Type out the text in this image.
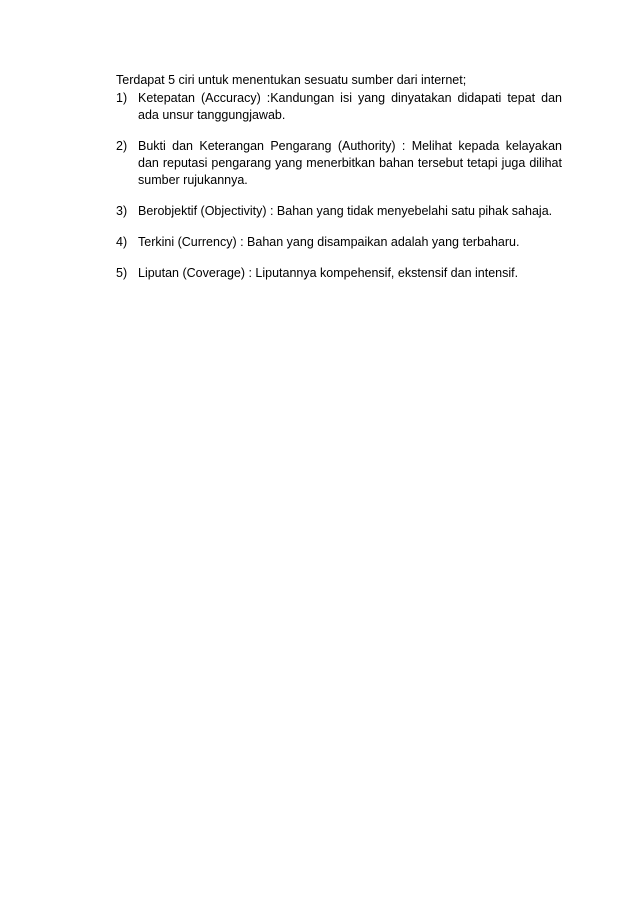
Terdapat 5 ciri untuk menentukan sesuatu sumber dari internet;
1) Ketepatan (Accuracy) :Kandungan isi yang dinyatakan didapati tepat dan ada unsur tanggungjawab.
2) Bukti dan Keterangan Pengarang (Authority) : Melihat kepada kelayakan dan reputasi pengarang yang menerbitkan bahan tersebut tetapi juga dilihat sumber rujukannya.
3) Berobjektif (Objectivity) : Bahan yang tidak menyebelahi satu pihak sahaja.
4) Terkini (Currency) : Bahan yang disampaikan adalah yang terbaharu.
5) Liputan (Coverage) : Liputannya kompehensif, ekstensif dan intensif.
